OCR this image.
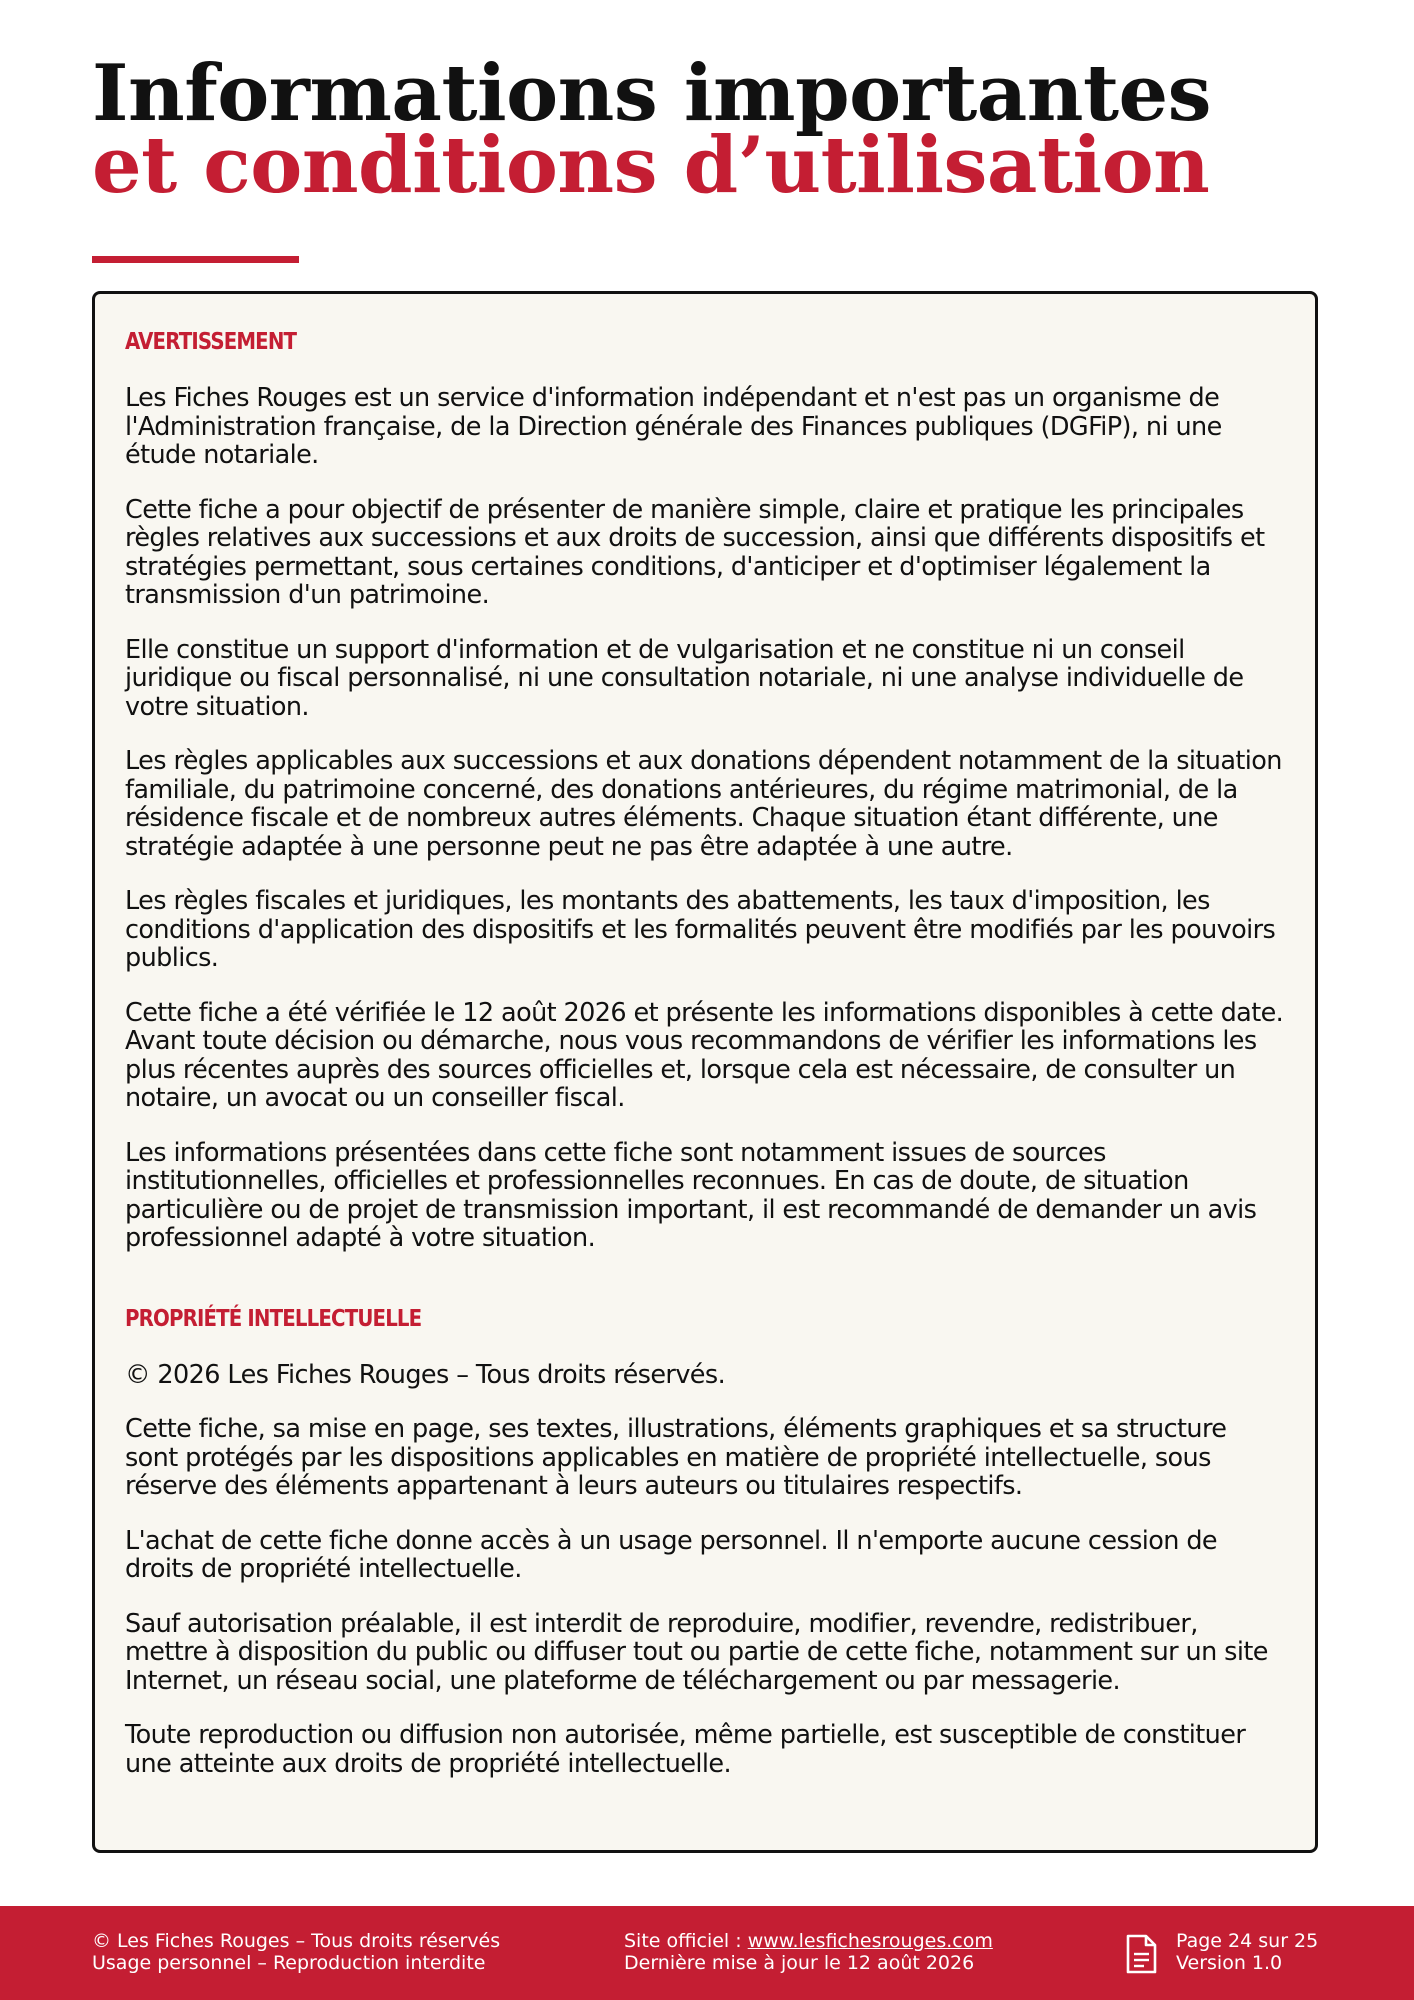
Informations importantes
et conditions d’utilisation
AVERTISSEMENT

Les Fiches Rouges est un service d'information indépendant et n'est pas un organisme de l'Administration française, de la Direction générale des Finances publiques (DGFiP), ni une étude notariale.

Cette fiche a pour objectif de présenter de manière simple, claire et pratique les principales règles relatives aux successions et aux droits de succession, ainsi que différents dispositifs et stratégies permettant, sous certaines conditions, d'anticiper et d'optimiser légalement la transmission d'un patrimoine.

Elle constitue un support d'information et de vulgarisation et ne constitue ni un conseil juridique ou fiscal personnalisé, ni une consultation notariale, ni une analyse individuelle de votre situation.

Les règles applicables aux successions et aux donations dépendent notamment de la situation familiale, du patrimoine concerné, des donations antérieures, du régime matrimonial, de la résidence fiscale et de nombreux autres éléments. Chaque situation étant différente, une stratégie adaptée à une personne peut ne pas être adaptée à une autre.

Les règles fiscales et juridiques, les montants des abattements, les taux d'imposition, les conditions d'application des dispositifs et les formalités peuvent être modifiés par les pouvoirs publics.

Cette fiche a été vérifiée le 12 août 2026 et présente les informations disponibles à cette date. Avant toute décision ou démarche, nous vous recommandons de vérifier les informations les plus récentes auprès des sources officielles et, lorsque cela est nécessaire, de consulter un notaire, un avocat ou un conseiller fiscal.

Les informations présentées dans cette fiche sont notamment issues de sources institutionnelles, officielles et professionnelles reconnues. En cas de doute, de situation particulière ou de projet de transmission important, il est recommandé de demander un avis professionnel adapté à votre situation.

PROPRIÉTÉ INTELLECTUELLE

© 2026 Les Fiches Rouges – Tous droits réservés.

Cette fiche, sa mise en page, ses textes, illustrations, éléments graphiques et sa structure sont protégés par les dispositions applicables en matière de propriété intellectuelle, sous réserve des éléments appartenant à leurs auteurs ou titulaires respectifs.

L'achat de cette fiche donne accès à un usage personnel. Il n'emporte aucune cession de droits de propriété intellectuelle.

Sauf autorisation préalable, il est interdit de reproduire, modifier, revendre, redistribuer, mettre à disposition du public ou diffuser tout ou partie de cette fiche, notamment sur un site Internet, un réseau social, une plateforme de téléchargement ou par messagerie.

Toute reproduction ou diffusion non autorisée, même partielle, est susceptible de constituer une atteinte aux droits de propriété intellectuelle.

© Les Fiches Rouges – Tous droits réservés
Usage personnel – Reproduction interdite
Site officiel : www.lesfichesrouges.com
Dernière mise à jour le 12 août 2026
Page 24 sur 25
Version 1.0
